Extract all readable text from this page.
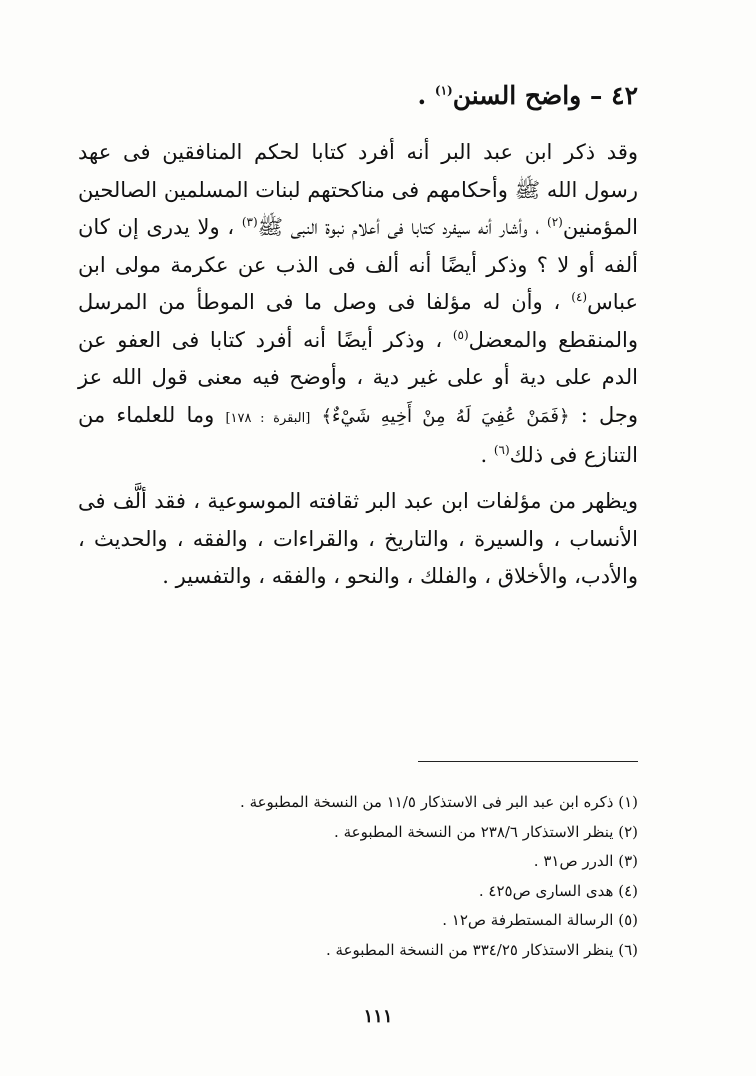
٤٢ – واضح السنن$^{(١)}$ .
وقد ذكر ابن عبد البر أنه أفرد كتابا لحكم المنافقين فى عهد رسول الله ﷺ وأحكامهم فى مناكحتهم لبنات المسلمين الصالحين المؤمنين$^{(٢)}$ ، وأشار أنه سيفرد كتابا فى أعلام نبوة النبى ﷺ$^{(٣)}$ ، ولا يدرى إن كان ألفه أو لا ؟ وذكر أيضًا أنه ألف فى الذب عن عكرمة مولى ابن عباس$^{(٤)}$ ، وأن له مؤلفا فى وصل ما فى الموطأ من المرسل والمنقطع والمعضل$^{(٥)}$ ، وذكر أيضًا أنه أفرد كتابا فى العفو عن الدم على دية أو على غير دية ، وأوضح فيه معنى قول الله عز وجل : ﴿فَمَنْ عُفِيَ لَهُ مِنْ أَخِيهِ شَيْءٌ﴾ [البقرة : ١٧٨] وما للعلماء من التنازع فى ذلك$^{(٦)}$ .
ويظهر من مؤلفات ابن عبد البر ثقافته الموسوعية ، فقد ألَّف فى الأنساب ، والسيرة ، والتاريخ ، والقراءات ، والفقه ، والحديث ، والأدب، والأخلاق ، والفلك ، والنحو ، والفقه ، والتفسير .
(١) ذكره ابن عبد البر فى الاستذكار ١١/٥ من النسخة المطبوعة .
(٢) ينظر الاستذكار ٢٣٨/٦ من النسخة المطبوعة .
(٣) الدرر ص٣١ .
(٤) هدى السارى ص٤٢٥ .
(٥) الرسالة المستطرفة ص١٢ .
(٦) ينظر الاستذكار ٣٣٤/٢٥ من النسخة المطبوعة .
١١١
